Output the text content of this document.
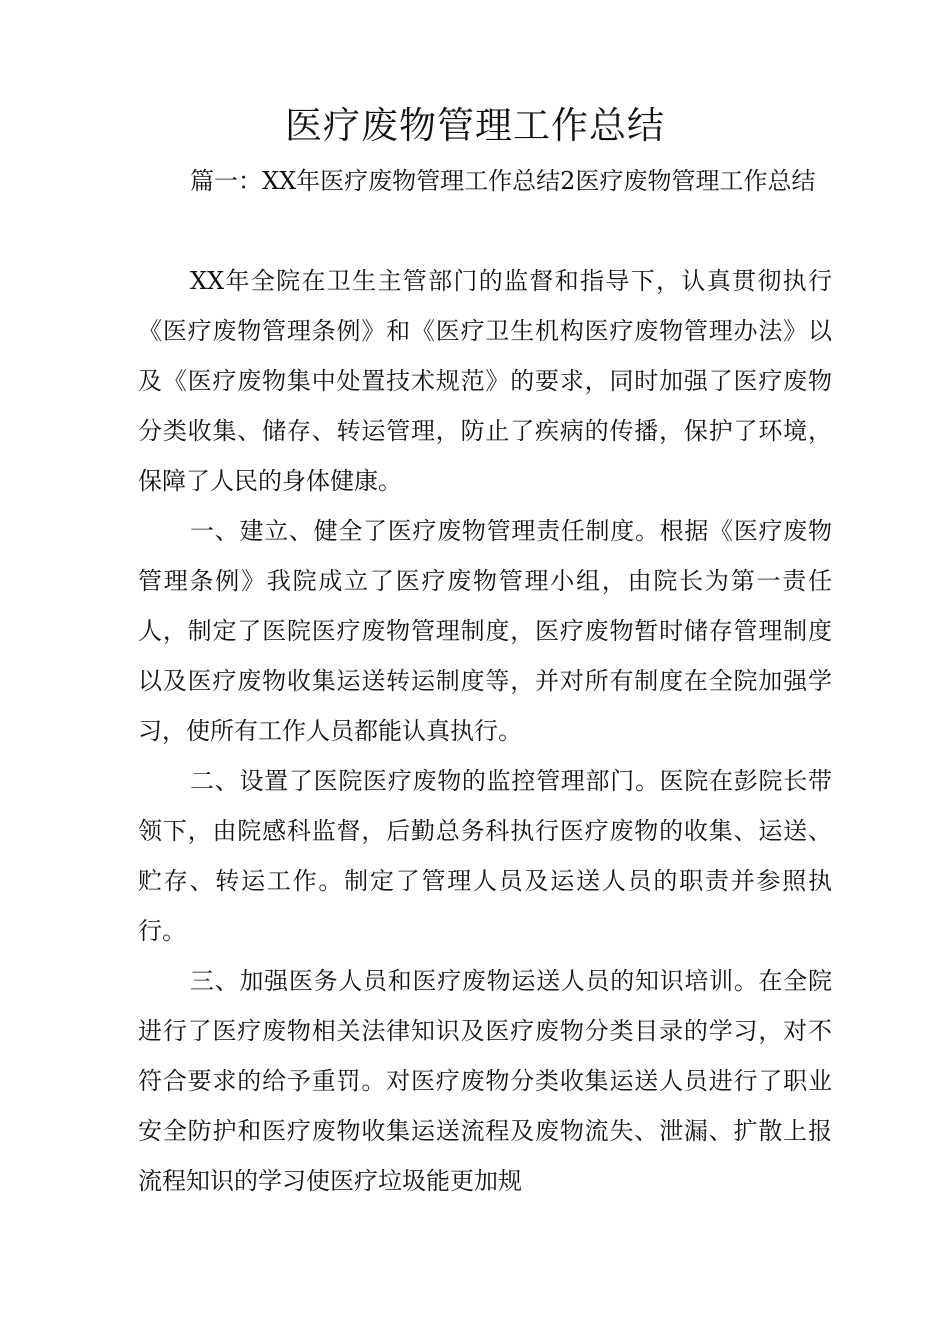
医疗废物管理工作总结

篇一：XX年医疗废物管理工作总结2医疗废物管理工作总结

XX年全院在卫生主管部门的监督和指导下，认真贯彻执行《医疗废物管理条例》和《医疗卫生机构医疗废物管理办法》以及《医疗废物集中处置技术规范》的要求，同时加强了医疗废物分类收集、储存、转运管理，防止了疾病的传播，保护了环境，保障了人民的身体健康。

一、建立、健全了医疗废物管理责任制度。根据《医疗废物管理条例》我院成立了医疗废物管理小组，由院长为第一责任人，制定了医院医疗废物管理制度，医疗废物暂时储存管理制度以及医疗废物收集运送转运制度等，并对所有制度在全院加强学习，使所有工作人员都能认真执行。

二、设置了医院医疗废物的监控管理部门。医院在彭院长带领下，由院感科监督，后勤总务科执行医疗废物的收集、运送、贮存、转运工作。制定了管理人员及运送人员的职责并参照执行。

三、加强医务人员和医疗废物运送人员的知识培训。在全院进行了医疗废物相关法律知识及医疗废物分类目录的学习，对不符合要求的给予重罚。对医疗废物分类收集运送人员进行了职业安全防护和医疗废物收集运送流程及废物流失、泄漏、扩散上报流程知识的学习使医疗垃圾能更加规
